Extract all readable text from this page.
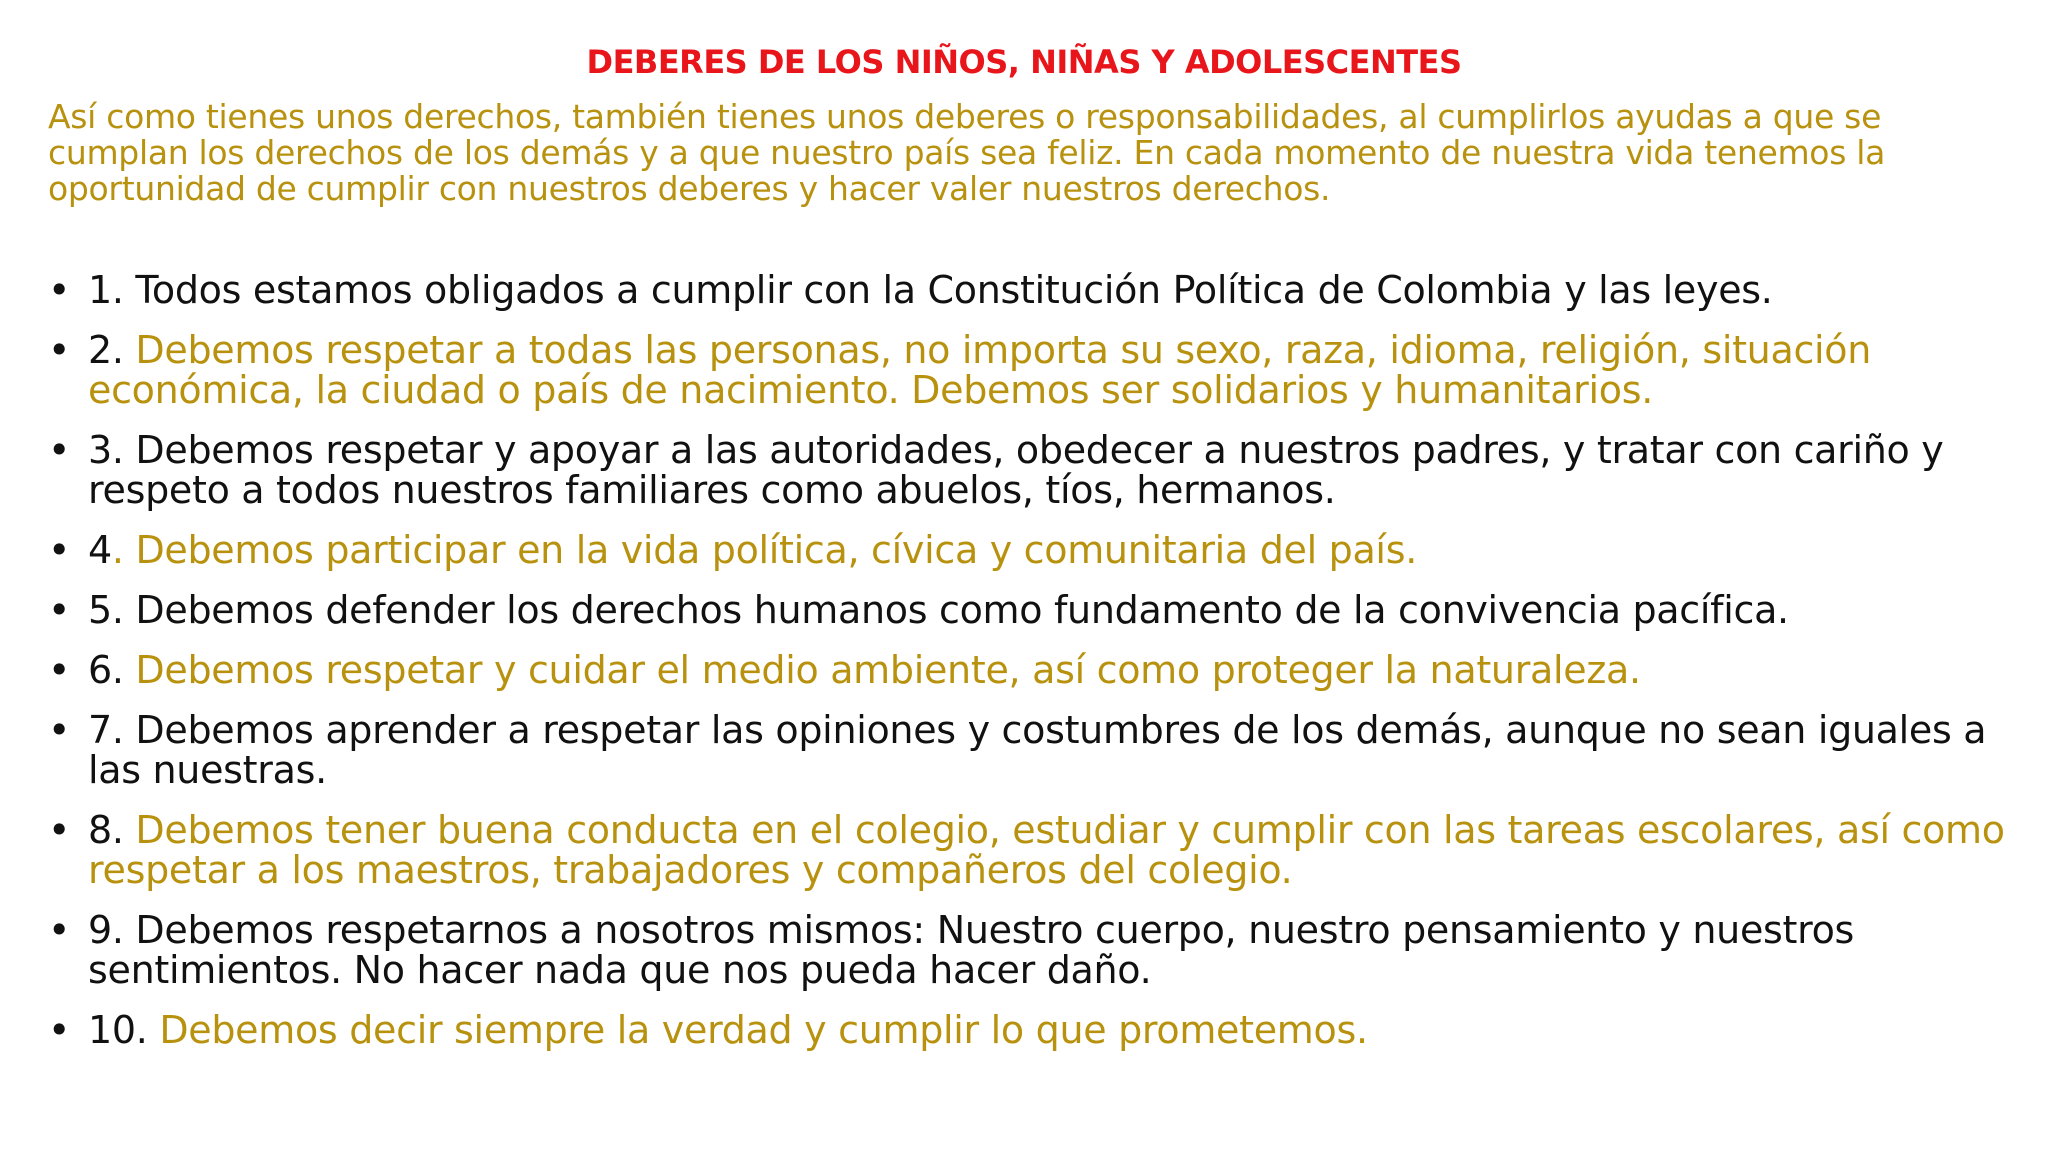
DEBERES DE LOS NIÑOS, NIÑAS Y ADOLESCENTES
Así como tienes unos derechos, también tienes unos deberes o responsabilidades, al cumplirlos ayudas a que se cumplan los derechos de los demás y a que nuestro país sea feliz. En cada momento de nuestra vida tenemos la oportunidad de cumplir con nuestros deberes y hacer valer nuestros derechos.
• 1. Todos estamos obligados a cumplir con la Constitución Política de Colombia y las leyes.
• 2. Debemos respetar a todas las personas, no importa su sexo, raza, idioma, religión, situación económica, la ciudad o país de nacimiento. Debemos ser solidarios y humanitarios.
• 3. Debemos respetar y apoyar a las autoridades, obedecer a nuestros padres, y tratar con cariño y respeto a todos nuestros familiares como abuelos, tíos, hermanos.
• 4. Debemos participar en la vida política, cívica y comunitaria del país.
• 5. Debemos defender los derechos humanos como fundamento de la convivencia pacífica.
• 6. Debemos respetar y cuidar el medio ambiente, así como proteger la naturaleza.
• 7. Debemos aprender a respetar las opiniones y costumbres de los demás, aunque no sean iguales a las nuestras.
• 8. Debemos tener buena conducta en el colegio, estudiar y cumplir con las tareas escolares, así como respetar a los maestros, trabajadores y compañeros del colegio.
• 9. Debemos respetarnos a nosotros mismos: Nuestro cuerpo, nuestro pensamiento y nuestros sentimientos. No hacer nada que nos pueda hacer daño.
• 10. Debemos decir siempre la verdad y cumplir lo que prometemos.
